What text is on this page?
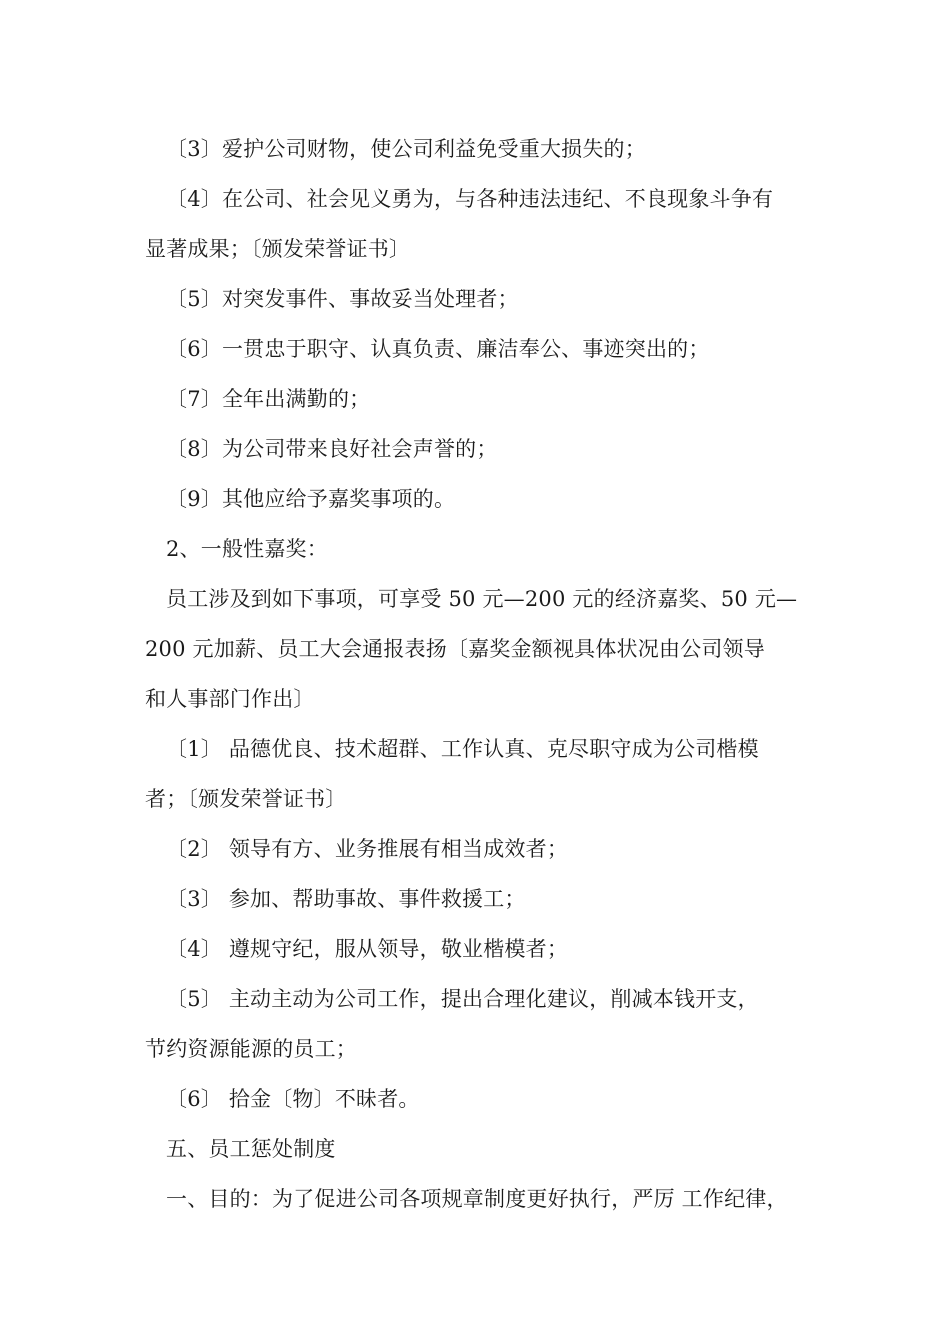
〔3〕爱护公司财物，使公司利益免受重大损失的；
〔4〕在公司、社会见义勇为，与各种违法违纪、不良现象斗争有
显著成果；〔颁发荣誉证书〕
〔5〕对突发事件、事故妥当处理者；
〔6〕一贯忠于职守、认真负责、廉洁奉公、事迹突出的；
〔7〕全年出满勤的；
〔8〕为公司带来良好社会声誉的；
〔9〕其他应给予嘉奖事项的。
2、一般性嘉奖：
员工涉及到如下事项，可享受 50 元—200 元的经济嘉奖、50 元—
200 元加薪、员工大会通报表扬〔嘉奖金额视具体状况由公司领导
和人事部门作出〕
〔1〕 品德优良、技术超群、工作认真、克尽职守成为公司楷模
者；〔颁发荣誉证书〕
〔2〕 领导有方、业务推展有相当成效者；
〔3〕 参加、帮助事故、事件救援工；
〔4〕 遵规守纪，服从领导，敬业楷模者；
〔5〕 主动主动为公司工作，提出合理化建议，削减本钱开支，
节约资源能源的员工；
〔6〕 拾金〔物〕不昧者。
五、员工惩处制度
一、目的：为了促进公司各项规章制度更好执行，严厉 工作纪律，
